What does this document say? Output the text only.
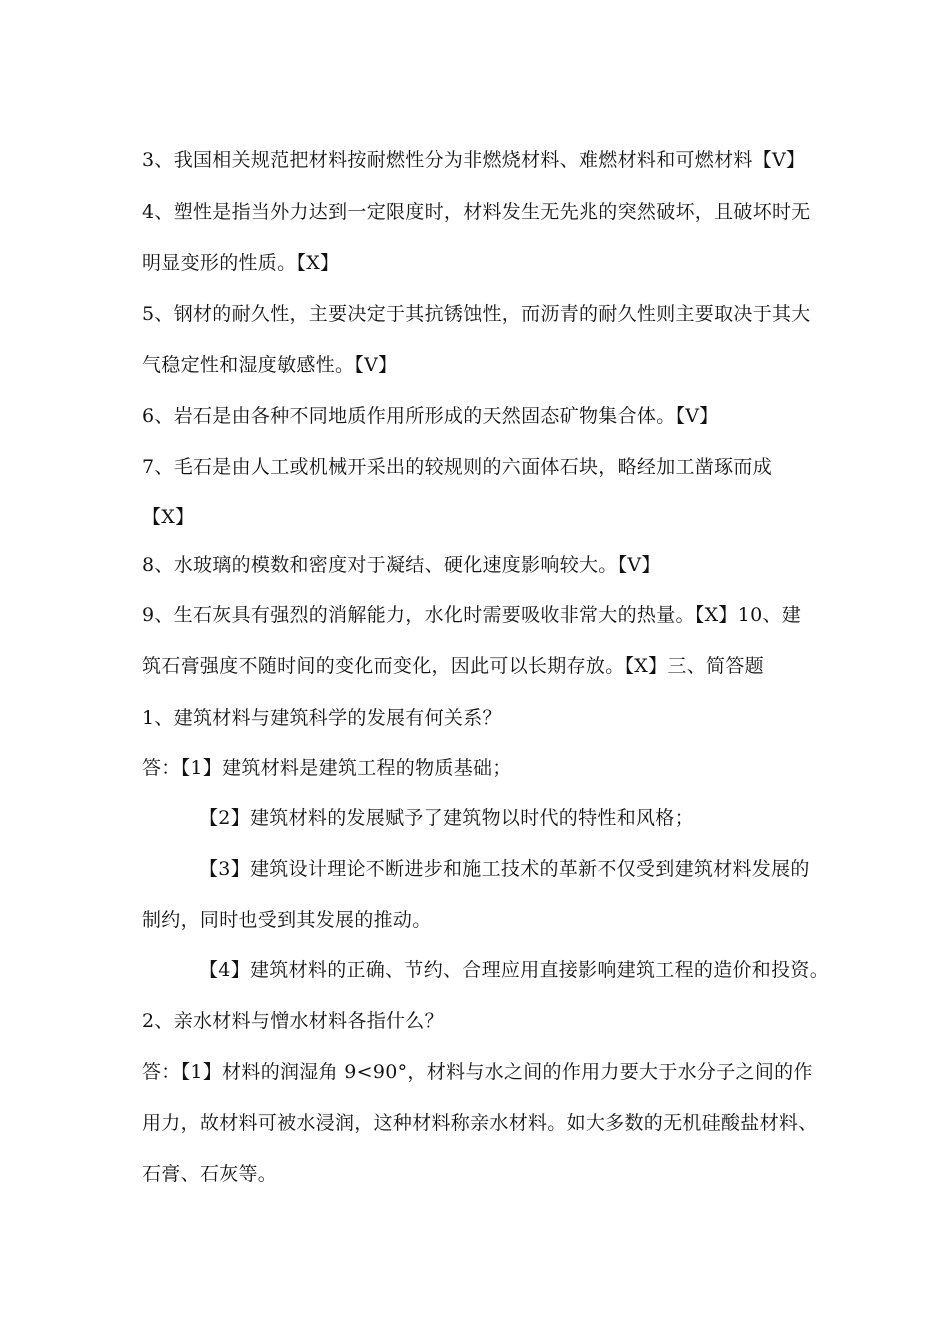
3、我国相关规范把材料按耐燃性分为非燃烧材料、难燃材料和可燃材料【V】
4、塑性是指当外力达到一定限度时，材料发生无先兆的突然破坏，且破坏时无
明显变形的性质。【X】
5、钢材的耐久性，主要决定于其抗锈蚀性，而沥青的耐久性则主要取决于其大
气稳定性和湿度敏感性。【V】
6、岩石是由各种不同地质作用所形成的天然固态矿物集合体。【V】
7、毛石是由人工或机械开采出的较规则的六面体石块，略经加工凿琢而成
【X】
8、水玻璃的模数和密度对于凝结、硬化速度影响较大。【V】
9、生石灰具有强烈的消解能力，水化时需要吸收非常大的热量。【X】10、建
筑石膏强度不随时间的变化而变化，因此可以长期存放。【X】三、简答题
1、建筑材料与建筑科学的发展有何关系？
答：【1】建筑材料是建筑工程的物质基础；
【2】建筑材料的发展赋予了建筑物以时代的特性和风格；
【3】建筑设计理论不断进步和施工技术的革新不仅受到建筑材料发展的
制约，同时也受到其发展的推动。
【4】建筑材料的正确、节约、合理应用直接影响建筑工程的造价和投资。
2、亲水材料与憎水材料各指什么？
答：【1】材料的润湿角 9<90°，材料与水之间的作用力要大于水分子之间的作
用力，故材料可被水浸润，这种材料称亲水材料。如大多数的无机硅酸盐材料、
石膏、石灰等。
